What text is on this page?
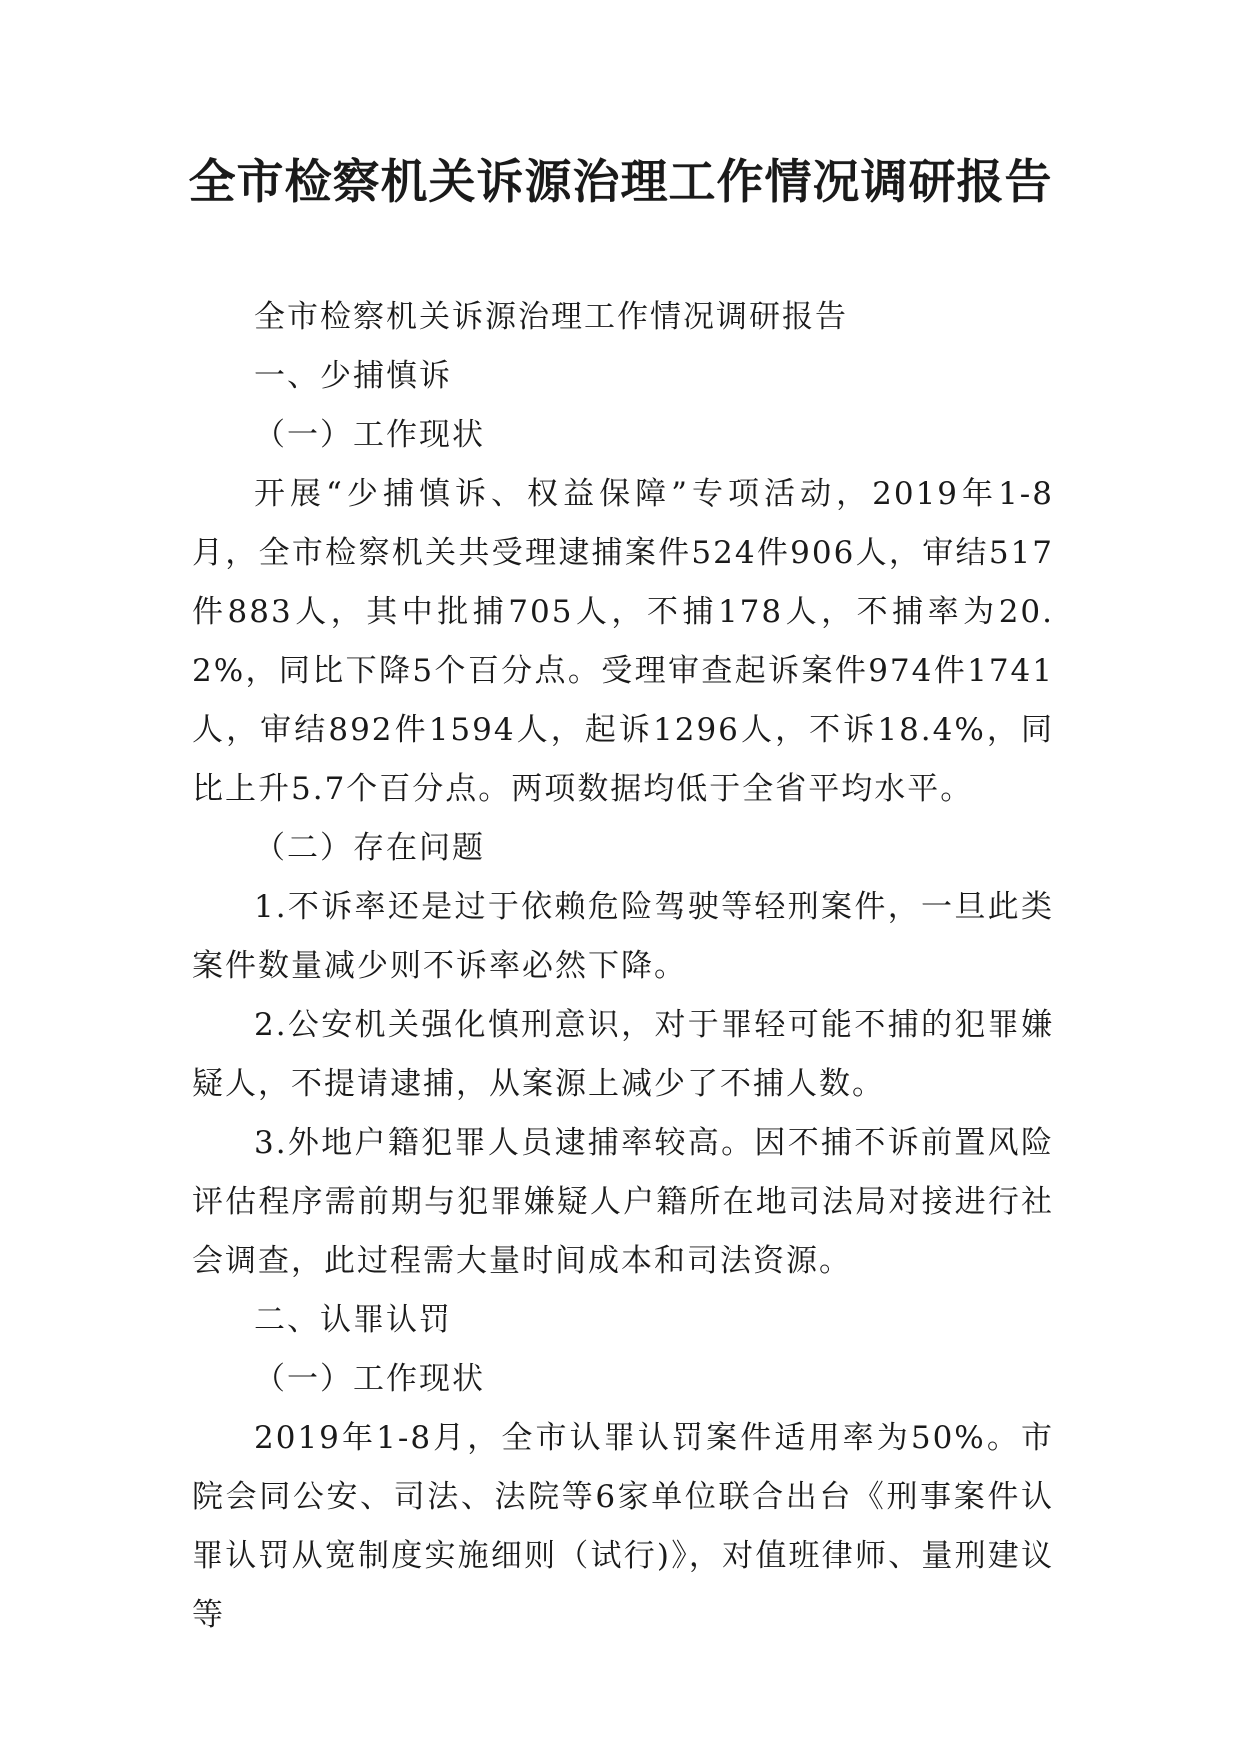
全市检察机关诉源治理工作情况调研报告

全市检察机关诉源治理工作情况调研报告

一、少捕慎诉

（一）工作现状

开展“少捕慎诉、权益保障”专项活动，2019年1-8月，全市检察机关共受理逮捕案件524件906人，审结517件883人，其中批捕705人，不捕178人，不捕率为20.2%，同比下降5个百分点。受理审查起诉案件974件1741人，审结892件1594人，起诉1296人，不诉18.4%，同比上升5.7个百分点。两项数据均低于全省平均水平。

（二）存在问题

1.不诉率还是过于依赖危险驾驶等轻刑案件，一旦此类案件数量减少则不诉率必然下降。

2.公安机关强化慎刑意识，对于罪轻可能不捕的犯罪嫌疑人，不提请逮捕，从案源上减少了不捕人数。

3.外地户籍犯罪人员逮捕率较高。因不捕不诉前置风险评估程序需前期与犯罪嫌疑人户籍所在地司法局对接进行社会调查，此过程需大量时间成本和司法资源。

二、认罪认罚

（一）工作现状

2019年1-8月，全市认罪认罚案件适用率为50%。市院会同公安、司法、法院等6家单位联合出台《刑事案件认罪认罚从宽制度实施细则（试行)》，对值班律师、量刑建议等
